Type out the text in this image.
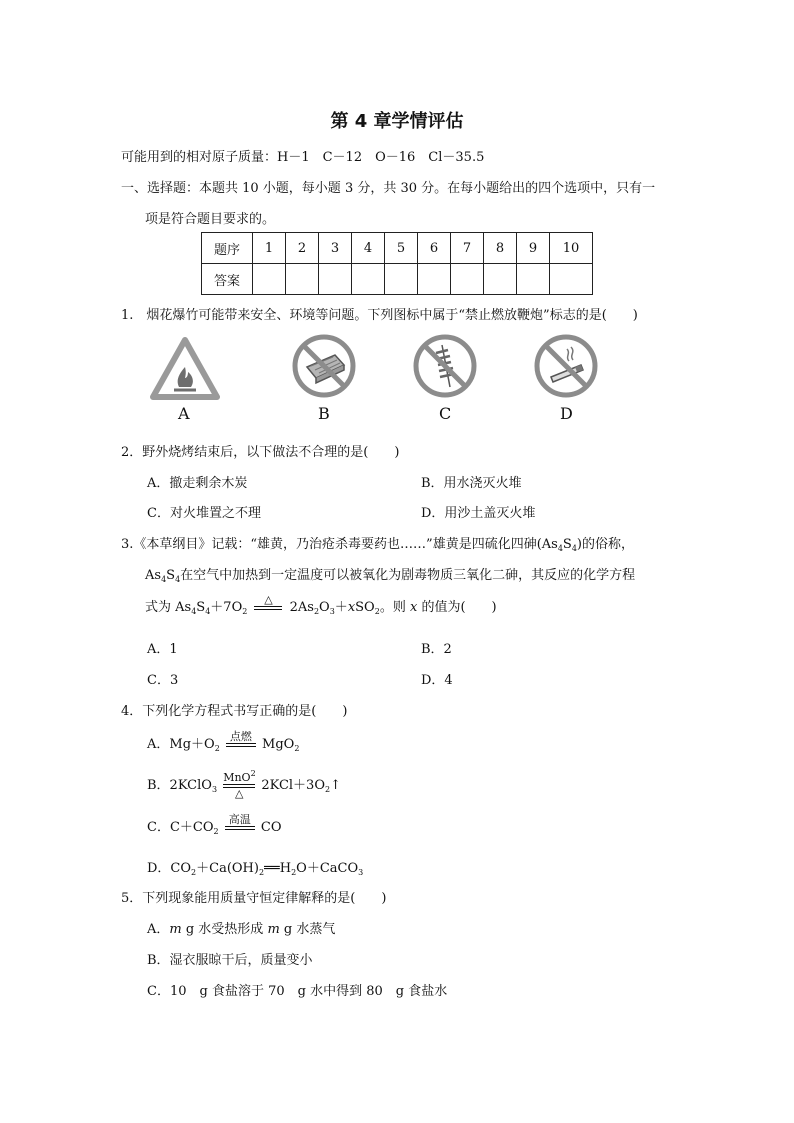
第 4 章学情评估
可能用到的相对原子质量：H－1　C－12　O－16　Cl－35.5
一、选择题：本题共 10 小题，每小题 3 分，共 30 分。在每小题给出的四个选项中，只有一
项是符合题目要求的。
题序	1	2	3	4	5	6	7	8	9	10
答案										
1.　烟花爆竹可能带来安全、环境等问题。下列图标中属于“禁止燃放鞭炮”标志的是(　　)
A	B	C	D
2．野外烧烤结束后，以下做法不合理的是(　　)
A．撤走剩余木炭	B．用水浇灭火堆
C．对火堆置之不理	D．用沙土盖灭火堆
3.《本草纲目》记载：“雄黄，乃治疮杀毒要药也……”雄黄是四硫化四砷$(As_4S_4)$的俗称，
$As_4S_4$在空气中加热到一定温度可以被氧化为剧毒物质三氧化二砷，其反应的化学方程
式为 $As_4S_4+7O_2$
△

$2As_2O_3+xSO_2$。则 x 的值为(　　)
A．1	B．2
C．3	D．4
4．下列化学方程式书写正确的是(　　)
A．$Mg+O_2$
点燃

MgO$_2$
B．2KClO$_3$
MnO$^2$
△
$2KCl+3O_2↑$
C．$C+CO_2$
高温

CO
D．$CO_2+Ca(OH)_2══H_2O+CaCO_3$
5．下列现象能用质量守恒定律解释的是(　　)
A．m g 水受热形成 m g 水蒸气
B．湿衣服晾干后，质量变小
C．10　g 食盐溶于 70　g 水中得到 80　g 食盐水
